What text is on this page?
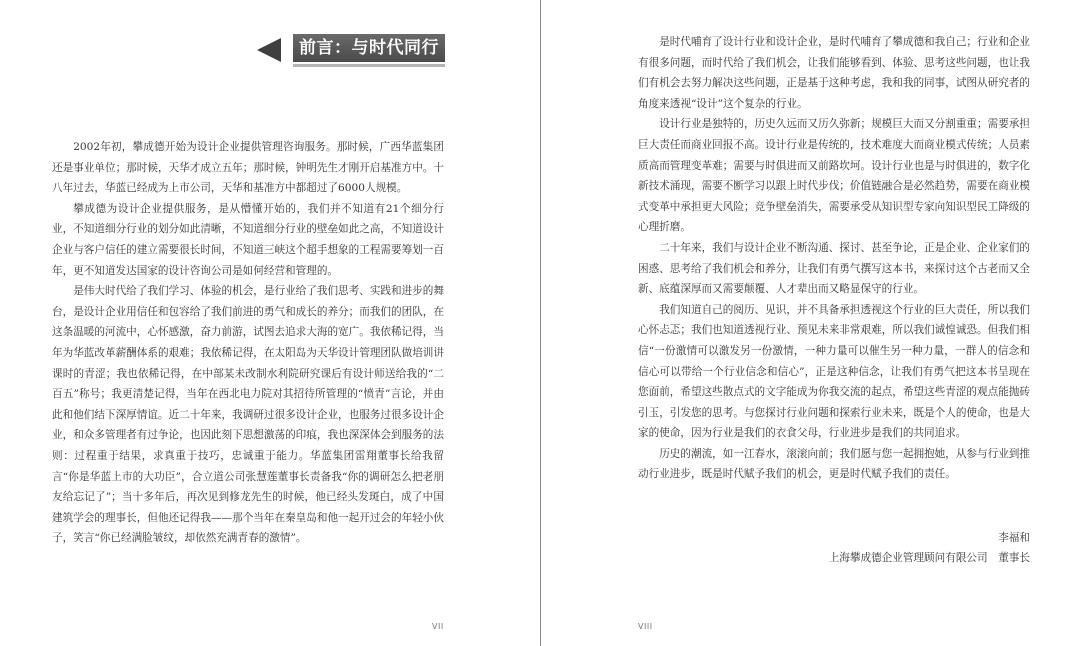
前言：与时代同行

2002年初，攀成德开始为设计企业提供管理咨询服务。那时候，广西华蓝集团还是事业单位；那时候，天华才成立五年；那时候，钟明先生才刚开启基准方中。十八年过去，华蓝已经成为上市公司，天华和基准方中都超过了6000人规模。

攀成德为设计企业提供服务，是从懵懂开始的，我们并不知道有21个细分行业，不知道细分行业的划分如此清晰，不知道细分行业的壁垒如此之高，不知道设计企业与客户信任的建立需要很长时间，不知道三峡这个超手想象的工程需要筹划一百年，更不知道发达国家的设计咨询公司是如何经营和管理的。

是伟大时代给了我们学习、体验的机会，是行业给了我们思考、实践和进步的舞台，是设计企业用信任和包容给了我们前进的勇气和成长的养分；而我们的团队，在这条温暖的河流中，心怀感激，奋力前游，试图去追求大海的宽广。我依稀记得，当年为华蓝改革薪酬体系的艰难；我依稀记得，在太阳岛为天华设计管理团队做培训讲课时的青涩；我也依稀记得，在中部某未改制水利院研究课后有设计师送给我的“二百五”称号；我更清楚记得，当年在西北电力院对其招待所管理的“愤青”言论，并由此和他们结下深厚情谊。近二十年来，我调研过很多设计企业，也服务过很多设计企业，和众多管理者有过争论，也因此刻下思想激荡的印痕，我也深深体会到服务的法则：过程重于结果，求真重于技巧，忠诚重于能力。华蓝集团雷翔董事长给我留言“你是华蓝上市的大功臣”，合立道公司张慧莲董事长责备我“你的调研怎么把老朋友给忘记了”；当十多年后，再次见到修龙先生的时候，他已经头发斑白，成了中国建筑学会的理事长，但他还记得我——那个当年在秦皇岛和他一起开过会的年轻小伙子，笑言“你已经满脸皱纹，却依然充满青春的激情”。

VII

是时代哺育了设计行业和设计企业，是时代哺育了攀成德和我自己；行业和企业有很多问题，而时代给了我们机会，让我们能够看到、体验、思考这些问题，也让我们有机会去努力解决这些问题，正是基于这种考虑，我和我的同事，试图从研究者的角度来透视“设计”这个复杂的行业。

设计行业是独特的，历史久远而又历久弥新；规模巨大而又分割重重；需要承担巨大责任而商业回报不高。设计行业是传统的，技术难度大而商业模式传统；人员素质高而管理变革难；需要与时俱进而又前路坎坷。设计行业也是与时俱进的，数字化新技术涌现，需要不断学习以跟上时代步伐；价值链融合是必然趋势，需要在商业模式变革中承担更大风险；竞争壁垒消失，需要承受从知识型专家向知识型民工降级的心理折磨。

二十年来，我们与设计企业不断沟通、探讨、甚至争论，正是企业、企业家们的困惑、思考给了我们机会和养分，让我们有勇气撰写这本书，来探讨这个古老而又全新、底蕴深厚而又需要颠覆、人才辈出而又略显保守的行业。

我们知道自己的阅历、见识，并不具备承担透视这个行业的巨大责任，所以我们心怀忐忑；我们也知道透视行业、预见未来非常艰难，所以我们诚惶诚恐。但我们相信“一份激情可以激发另一份激情，一种力量可以催生另一种力量，一群人的信念和信心可以带给一个行业信念和信心”，正是这种信念，让我们有勇气把这本书呈现在您面前，希望这些散点式的文字能成为你我交流的起点，希望这些青涩的观点能抛砖引玉，引发您的思考。与您探讨行业问题和探索行业未来，既是个人的使命，也是大家的使命，因为行业是我们的衣食父母，行业进步是我们的共同追求。

历史的潮流，如一江春水，滚滚向前；我们愿与您一起拥抱她，从参与行业到推动行业进步，既是时代赋予我们的机会，更是时代赋予我们的责任。

李福和
上海攀成德企业管理顾问有限公司　董事长
VIII
